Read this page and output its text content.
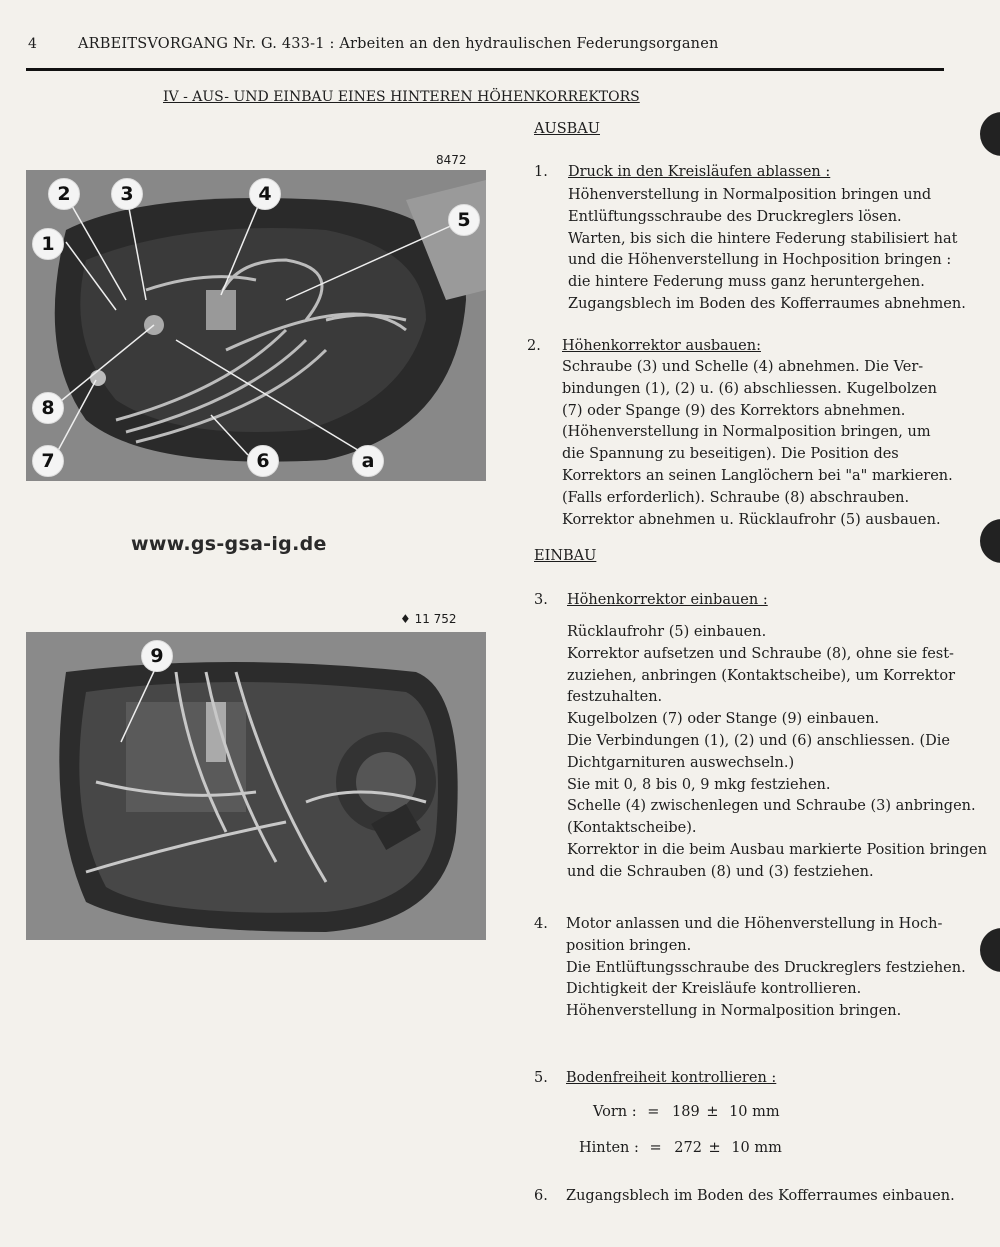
4	ARBEITSVORGANG Nr. G. 433-1 : Arbeiten an den hydraulischen Federungsorganen
IV - AUS- UND EINBAU EINES HINTEREN HÖHENKORREKTORS
8472
1
2	3	4
5
6
7
8
a
www.gs-gsa-ig.de
♦ 11 752
9
AUSBAU
1. Druck in den Kreisläufen ablassen :
Höhenverstellung in Normalposition bringen und
Entlüftungsschraube des Druckreglers lösen.
Warten, bis sich die hintere Federung stabilisiert hat
und die Höhenverstellung in Hochposition bringen :
die hintere Federung muss ganz heruntergehen.
Zugangsblech im Boden des Kofferraumes abnehmen.
2. Höhenkorrektor ausbauen:
Schraube (3) und Schelle (4) abnehmen. Die Ver-
bindungen (1), (2) u. (6) abschliessen. Kugelbolzen
(7) oder Spange (9) des Korrektors abnehmen.
(Höhenverstellung in Normalposition bringen, um
die Spannung zu beseitigen). Die Position des
Korrektors an seinen Langlöchern bei "a" markieren.
(Falls erforderlich). Schraube (8) abschrauben.
Korrektor abnehmen u. Rücklaufrohr (5) ausbauen.
EINBAU
3. Höhenkorrektor einbauen :
Rücklaufrohr (5) einbauen.
Korrektor aufsetzen und Schraube (8), ohne sie fest-
zuziehen, anbringen (Kontaktscheibe), um Korrektor
festzuhalten.
Kugelbolzen (7) oder Stange (9) einbauen.
Die Verbindungen (1), (2) und (6) anschliessen. (Die
Dichtgarnituren auswechseln.)
Sie mit 0, 8 bis 0, 9 mkg festziehen.
Schelle (4) zwischenlegen und Schraube (3) anbringen.
(Kontaktscheibe).
Korrektor in die beim Ausbau markierte Position bringen
und die Schrauben (8) und (3) festziehen.
4. Motor anlassen und die Höhenverstellung in Hoch-
position bringen.
Die Entlüftungsschraube des Druckreglers festziehen.
Dichtigkeit der Kreisläufe kontrollieren.
Höhenverstellung in Normalposition bringen.
5. Bodenfreiheit kontrollieren :
Vorn : = 189 ± 10 mm
Hinten : = 272 ± 10 mm
6. Zugangsblech im Boden des Kofferraumes einbauen.
